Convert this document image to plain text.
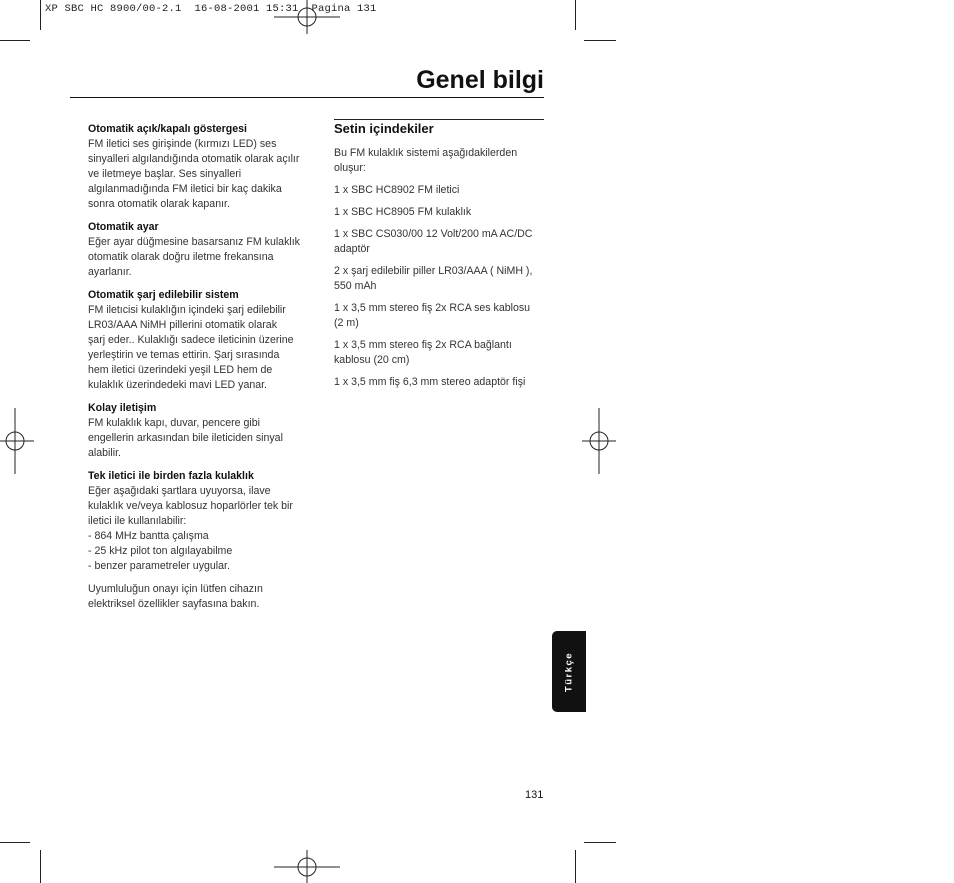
XP SBC HC 8900/00-2.1  16-08-2001 15:31  Pagina 131
Genel bilgi
Otomatik açık/kapalı göstergesi
FM iletici ses girişinde (kırmızı LED) ses
sinyalleri algılandığında otomatik olarak açılır
ve iletmeye başlar. Ses sinyalleri
algılanmadığında FM iletici bir kaç dakika
sonra otomatik olarak kapanır.
Otomatik ayar
Eğer ayar düğmesine basarsanız FM kulaklık
otomatik olarak doğru iletme frekansına
ayarlanır.
Otomatik şarj edilebilir sistem
FM iletıcisi kulaklığın içindeki şarj edilebilir
LR03/AAA NiMH pillerini otomatik olarak
şarj eder.. Kulaklığı sadece ileticinin üzerine
yerleştirin ve temas ettirin. Şarj sırasında
hem iletici üzerindeki yeşil LED hem de
kulaklık üzerindedeki mavi LED yanar.
Kolay iletişim
FM kulaklık kapı, duvar, pencere gibi
engellerin arkasından bile ileticiden sinyal
alabilir.
Tek iletici ile birden fazla kulaklık
Eğer aşağıdaki şartlara uyuyorsa, ilave
kulaklık ve/veya kablosuz hoparlörler tek bir
iletici ile kullanılabilir:
- 864 MHz bantta çalışma
- 25 kHz pilot ton algılayabilme
- benzer parametreler uygular.
Uyumluluğun onayı için lütfen cihazın
elektriksel özellikler sayfasına bakın.
Setin içindekiler
Bu FM kulaklık sistemi aşağıdakilerden
oluşur:
1 x SBC HC8902 FM iletici
1 x SBC HC8905 FM kulaklık
1 x SBC CS030/00 12 Volt/200 mA AC/DC
adaptör
2 x şarj edilebilir piller LR03/AAA ( NiMH ),
550 mAh
1 x 3,5 mm stereo fiş 2x RCA ses kablosu
(2 m)
1 x 3,5 mm stereo fiş 2x RCA bağlantı
kablosu (20 cm)
1 x 3,5 mm fiş 6,3 mm stereo adaptör fişi
Türkçe
131
